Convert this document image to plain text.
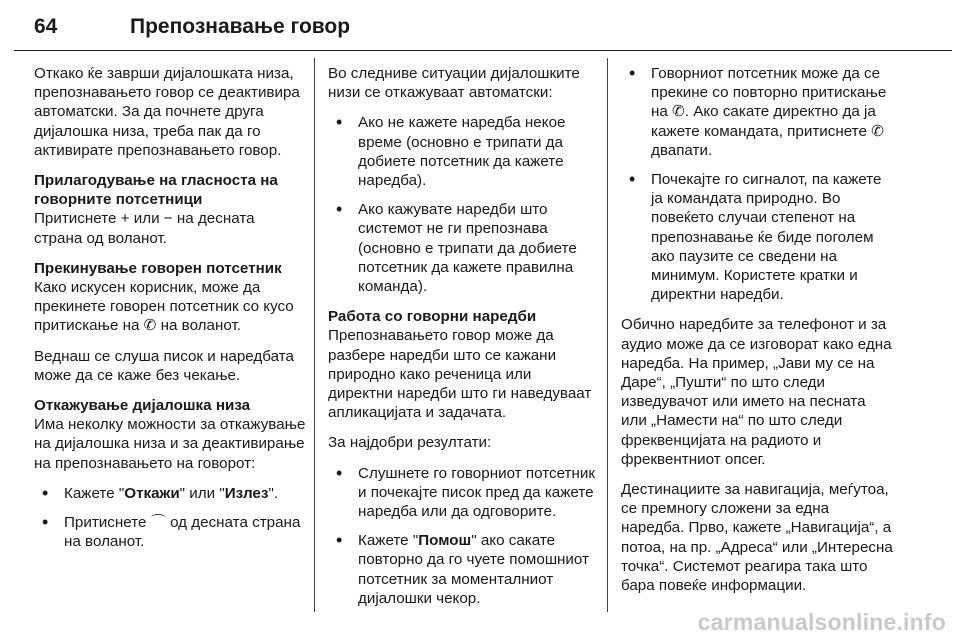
64	Препознавање говор

Откако ќе заврши дијалошката низа, препознавањето говор се деактивира автоматски. За да почнете друга дијалошка низа, треба пак да го активирате препознавањето говор.

Прилагодување на гласноста на говорните потсетници

Притиснете + или − на десната страна од воланот.

Прекинување говорен потсетник

Како искусен корисник, може да прекинете говорен потсетник со кусо притискање на ✆ на воланот.

Веднаш се слуша писок и наредбата може да се каже без чекање.

Откажување дијалошка низа

Има неколку можности за откажување на дијалошка низа и за деактивирање на препознавањето на говорот:

• Кажете "Откажи" или "Излез".
• Притиснете ⌒ од десната страна на воланот.

Во следниве ситуации дијалошките низи се откажуваат автоматски:

• Ако не кажете наредба некое време (основно е трипати да добиете потсетник да кажете наредба).
• Ако кажувате наредби што системот не ги препознава (основно е трипати да добиете потсетник да кажете правилна команда).
Работа со говорни наредби

Препознавањето говор може да разбере наредби што се кажани природно како реченица или директни наредби што ги наведуваат апликацијата и задачата.

За најдобри резултати:

• Слушнете го говорниот потсетник и почекајте писок пред да кажете наредба или да одговорите.
• Кажете "Помош" ако сакате повторно да го чуете помошниот потсетник за моменталниот дијалошки чекор.
• Говорниот потсетник може да се прекине со повторно притискање на ✆. Ако сакате директно да ја кажете командата, притиснете ✆ двапати.
• Почекајте го сигналот, па кажете ја командата природно. Во повеќето случаи степенот на препознавање ќе биде поголем ако паузите се сведени на минимум. Користете кратки и директни наредби.

Обично наредбите за телефонот и за аудио може да се изговорат како една наредба. На пример, „Јави му се на Даре“, „Пушти“ по што следи изведувачот или името на песната или „Намести на“ по што следи фреквенцијата на радиото и фреквентниот опсег.

Дестинациите за навигација, меѓутоа, се премногу сложени за една наредба. Прво, кажете „Навигација“, а потоа, на пр. „Адреса“ или „Интересна точка“. Системот реагира така што бара повеќе информации.

carmanualsonline.info
